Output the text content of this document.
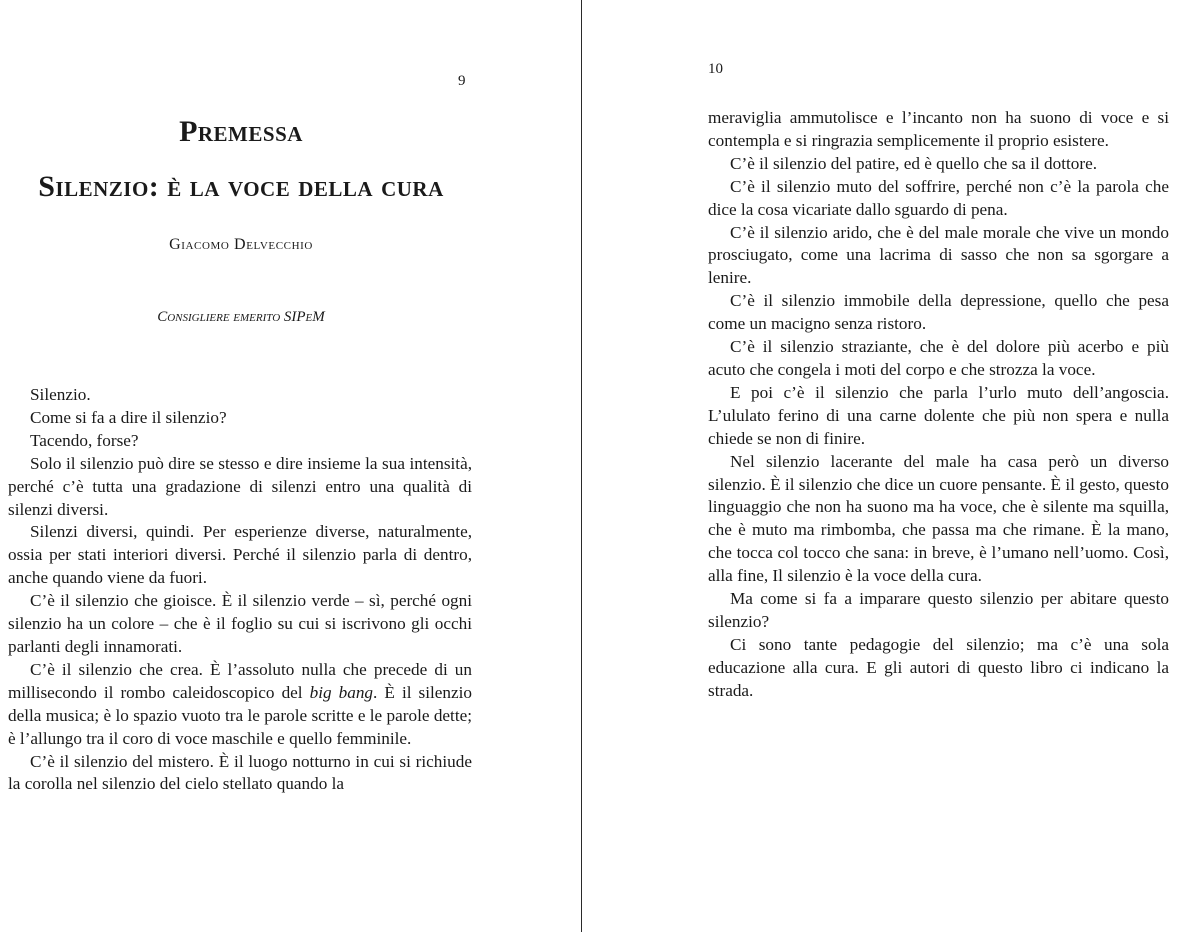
9
Premessa
Silenzio: è la voce della cura
Giacomo Delvecchio
Consigliere emerito SIPeM

Silenzio.

Come si fa a dire il silenzio?

Tacendo, forse?

Solo il silenzio può dire se stesso e dire insieme la sua intensità, perché c’è tutta una gradazione di silenzi entro una qualità di silenzi diversi.

Silenzi diversi, quindi. Per esperienze diverse, naturalmente, ossia per stati interiori diversi. Perché il silenzio parla di dentro, anche quando viene da fuori.

C’è il silenzio che gioisce. È il silenzio verde – sì, perché ogni silenzio ha un colore – che è il foglio su cui si iscrivono gli occhi parlanti degli innamorati.

C’è il silenzio che crea. È l’assoluto nulla che precede di un millisecondo il rombo caleidoscopico del big bang. È il silenzio della musica; è lo spazio vuoto tra le parole scritte e le parole dette; è l’allungo tra il coro di voce maschile e quello femminile.

C’è il silenzio del mistero. È il luogo notturno in cui si richiude la corolla nel silenzio del cielo stellato quando la

10

meraviglia ammutolisce e l’incanto non ha suono di voce e si contempla e si ringrazia semplicemente il proprio esistere.

C’è il silenzio del patire, ed è quello che sa il dottore.

C’è il silenzio muto del soffrire, perché non c’è la parola che dice la cosa vicariate dallo sguardo di pena.

C’è il silenzio arido, che è del male morale che vive un mondo prosciugato, come una lacrima di sasso che non sa sgorgare a lenire.

C’è il silenzio immobile della depressione, quello che pesa come un macigno senza ristoro.

C’è il silenzio straziante, che è del dolore più acerbo e più acuto che congela i moti del corpo e che strozza la voce.

E poi c’è il silenzio che parla l’urlo muto dell’angoscia. L’ululato ferino di una carne dolente che più non spera e nulla chiede se non di finire.

Nel silenzio lacerante del male ha casa però un diverso silenzio. È il silenzio che dice un cuore pensante. È il gesto, questo linguaggio che non ha suono ma ha voce, che è silente ma squilla, che è muto ma rimbomba, che passa ma che rimane. È la mano, che tocca col tocco che sana: in breve, è l’umano nell’uomo. Così, alla fine, Il silenzio è la voce della cura.

Ma come si fa a imparare questo silenzio per abitare questo silenzio?

Ci sono tante pedagogie del silenzio; ma c’è una sola educazione alla cura. E gli autori di questo libro ci indicano la strada.
